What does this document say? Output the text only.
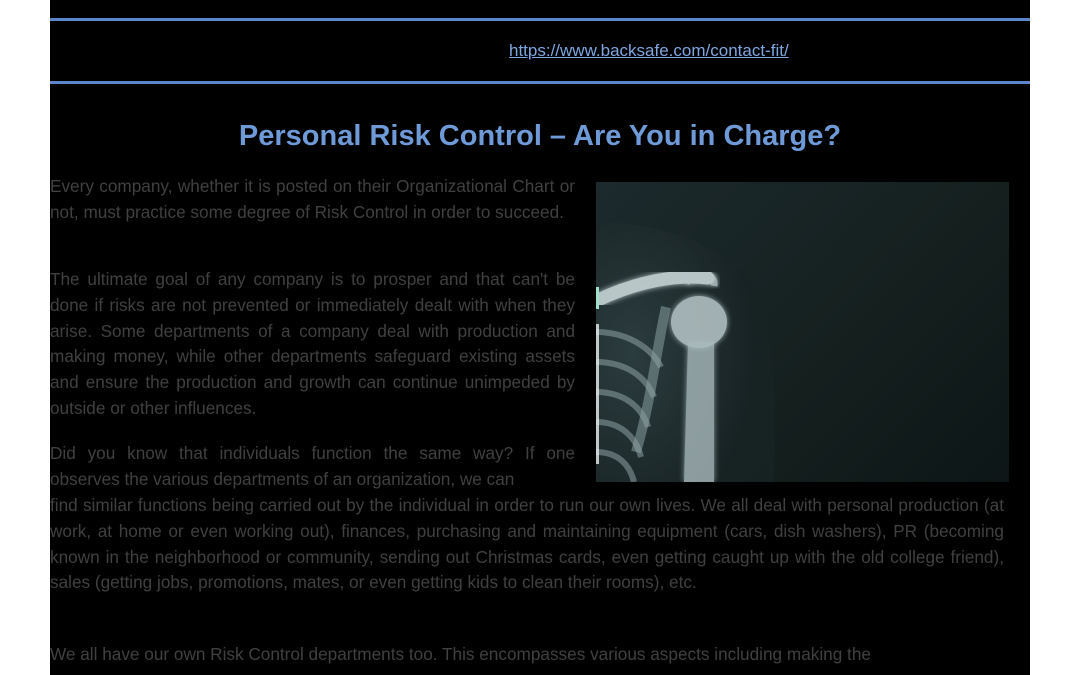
https://www.backsafe.com/contact-fit/
Personal Risk Control – Are You in Charge?

Every company, whether it is posted on their Organizational Chart or not, must practice some degree of Risk Control in order to succeed.

The ultimate goal of any company is to prosper and that can't be done if risks are not prevented or immediately dealt with when they arise. Some departments of a company deal with production and making money, while other departments safeguard existing assets and ensure the production and growth can continue unimpeded by outside or other influences.

Did you know that individuals function the same way? If one observes the various departments of an organization, we can

find similar functions being carried out by the individual in order to run our own lives. We all deal with personal production (at work, at home or even working out), finances, purchasing and maintaining equipment (cars, dish washers), PR (becoming known in the neighborhood or community, sending out Christmas cards, even getting caught up with the old college friend), sales (getting jobs, promotions, mates, or even getting kids to clean their rooms), etc.

We all have our own Risk Control departments too. This encompasses various aspects including making the
